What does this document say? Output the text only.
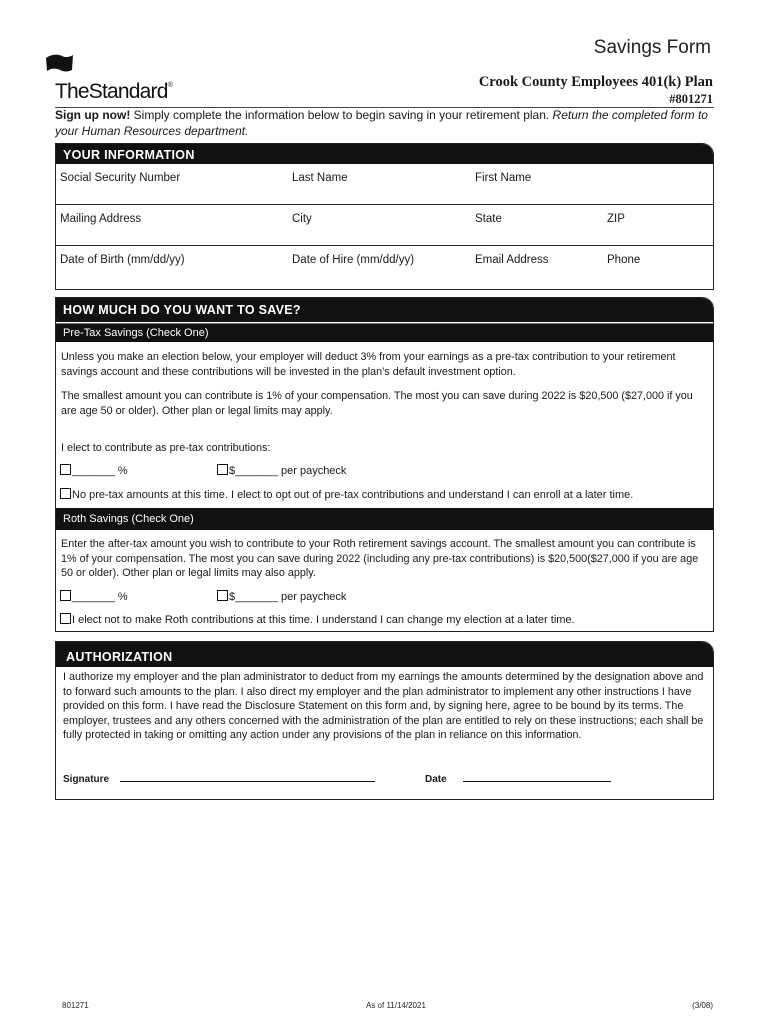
TheStandard®
Savings Form
Crook County Employees 401(k) Plan
#801271
Sign up now! Simply complete the information below to begin saving in your retirement plan. Return the completed form to your Human Resources department.
YOUR INFORMATION
Social Security Number	Last Name	First Name
Mailing Address	City	State	ZIP
Date of Birth (mm/dd/yy)	Date of Hire (mm/dd/yy)	Email Address	Phone
HOW MUCH DO YOU WANT TO SAVE?
Pre-Tax Savings (Check One)
Unless you make an election below, your employer will deduct 3% from your earnings as a pre-tax contribution to your retirement savings account and these contributions will be invested in the plan’s default investment option.
The smallest amount you can contribute is 1% of your compensation. The most you can save during 2022 is $20,500 ($27,000 if you are age 50 or older). Other plan or legal limits may apply.
I elect to contribute as pre-tax contributions:
_______ %	$_______ per paycheck
No pre-tax amounts at this time. I elect to opt out of pre-tax contributions and understand I can enroll at a later time.
Roth Savings (Check One)
Enter the after-tax amount you wish to contribute to your Roth retirement savings account. The smallest amount you can contribute is 1% of your compensation. The most you can save during 2022 (including any pre-tax contributions) is $20,500($27,000 if you are age 50 or older). Other plan or legal limits may also apply.
_______ %	$_______ per paycheck
I elect not to make Roth contributions at this time. I understand I can change my election at a later time.
AUTHORIZATION
I authorize my employer and the plan administrator to deduct from my earnings the amounts determined by the designation above and to forward such amounts to the plan. I also direct my employer and the plan administrator to implement any other instructions I have provided on this form. I have read the Disclosure Statement on this form and, by signing here, agree to be bound by its terms. The employer, trustees and any others concerned with the administration of the plan are entitled to rely on these instructions; each shall be fully protected in taking or omitting any action under any provisions of the plan in reliance on this information.
Signature	Date
801271	As of 11/14/2021	(3/08)
